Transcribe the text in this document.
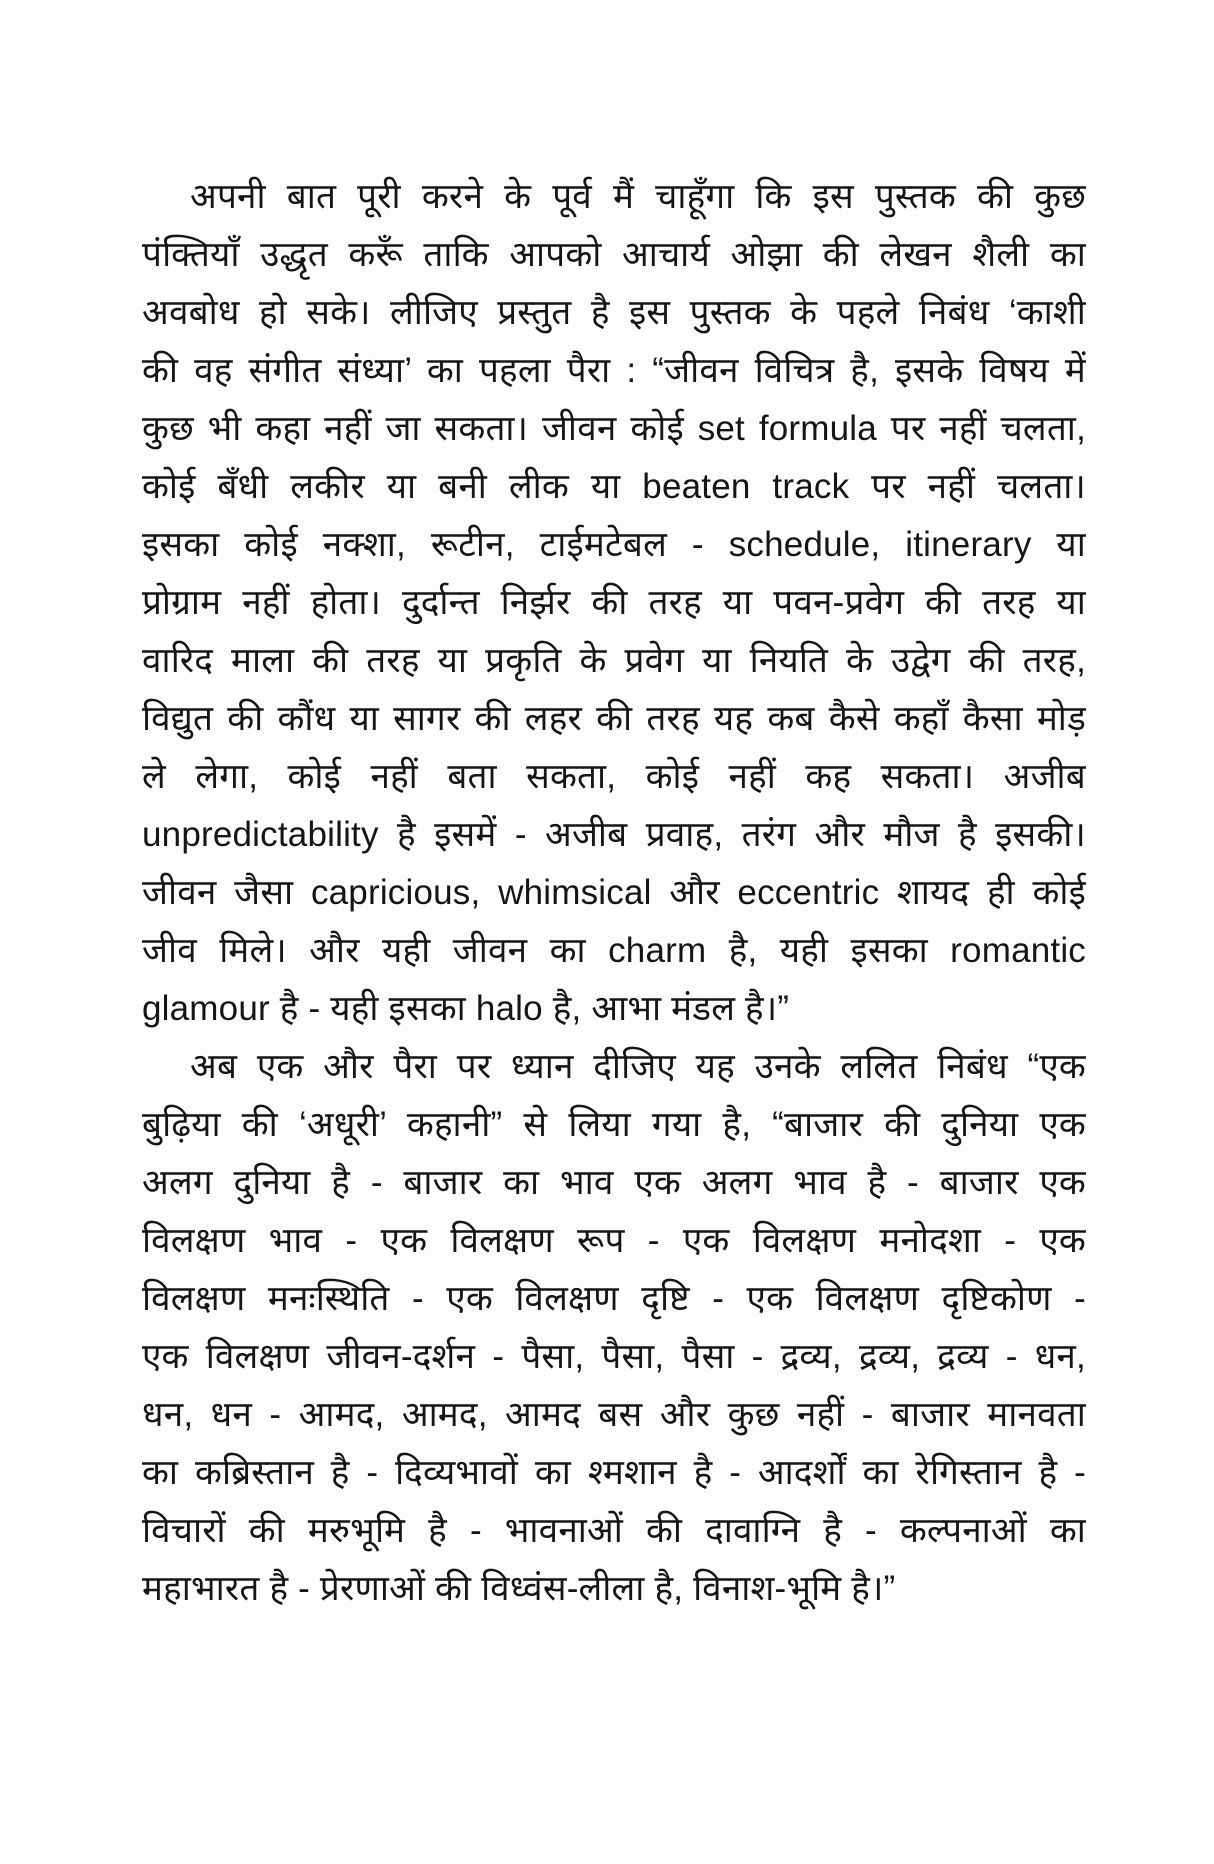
अपनी बात पूरी करने के पूर्व मैं चाहूँगा कि इस पुस्तक की कुछ
पंक्तियाँ उद्धृत करूँ ताकि आपको आचार्य ओझा की लेखन शैली का
अवबोध हो सके। लीजिए प्रस्तुत है इस पुस्तक के पहले निबंध ‘काशी
की वह संगीत संध्या’ का पहला पैरा : “जीवन विचित्र है, इसके विषय में
कुछ भी कहा नहीं जा सकता। जीवन कोई set formula पर नहीं चलता,
कोई बँधी लकीर या बनी लीक या beaten track पर नहीं चलता।
इसका कोई नक्शा, रूटीन, टाईमटेबल - schedule, itinerary या
प्रोग्राम नहीं होता। दुर्दान्त निर्झर की तरह या पवन-प्रवेग की तरह या
वारिद माला की तरह या प्रकृति के प्रवेग या नियति के उद्वेग की तरह,
विद्युत की कौंध या सागर की लहर की तरह यह कब कैसे कहाँ कैसा मोड़
ले लेगा, कोई नहीं बता सकता, कोई नहीं कह सकता। अजीब
unpredictability है इसमें - अजीब प्रवाह, तरंग और मौज है इसकी।
जीवन जैसा capricious, whimsical और eccentric शायद ही कोई
जीव मिले। और यही जीवन का charm है, यही इसका romantic
glamour है - यही इसका halo है, आभा मंडल है।”
अब एक और पैरा पर ध्यान दीजिए यह उनके ललित निबंध “एक
बुढ़िया की ‘अधूरी’ कहानी” से लिया गया है, “बाजार की दुनिया एक
अलग दुनिया है - बाजार का भाव एक अलग भाव है - बाजार एक
विलक्षण भाव - एक विलक्षण रूप - एक विलक्षण मनोदशा - एक
विलक्षण मनःस्थिति - एक विलक्षण दृष्टि - एक विलक्षण दृष्टिकोण -
एक विलक्षण जीवन-दर्शन - पैसा, पैसा, पैसा - द्रव्य, द्रव्य, द्रव्य - धन,
धन, धन - आमद, आमद, आमद बस और कुछ नहीं - बाजार मानवता
का कब्रिस्तान है - दिव्यभावों का श्मशान है - आदर्शों का रेगिस्तान है -
विचारों की मरुभूमि है - भावनाओं की दावाग्नि है - कल्पनाओं का
महाभारत है - प्रेरणाओं की विध्वंस-लीला है, विनाश-भूमि है।”
